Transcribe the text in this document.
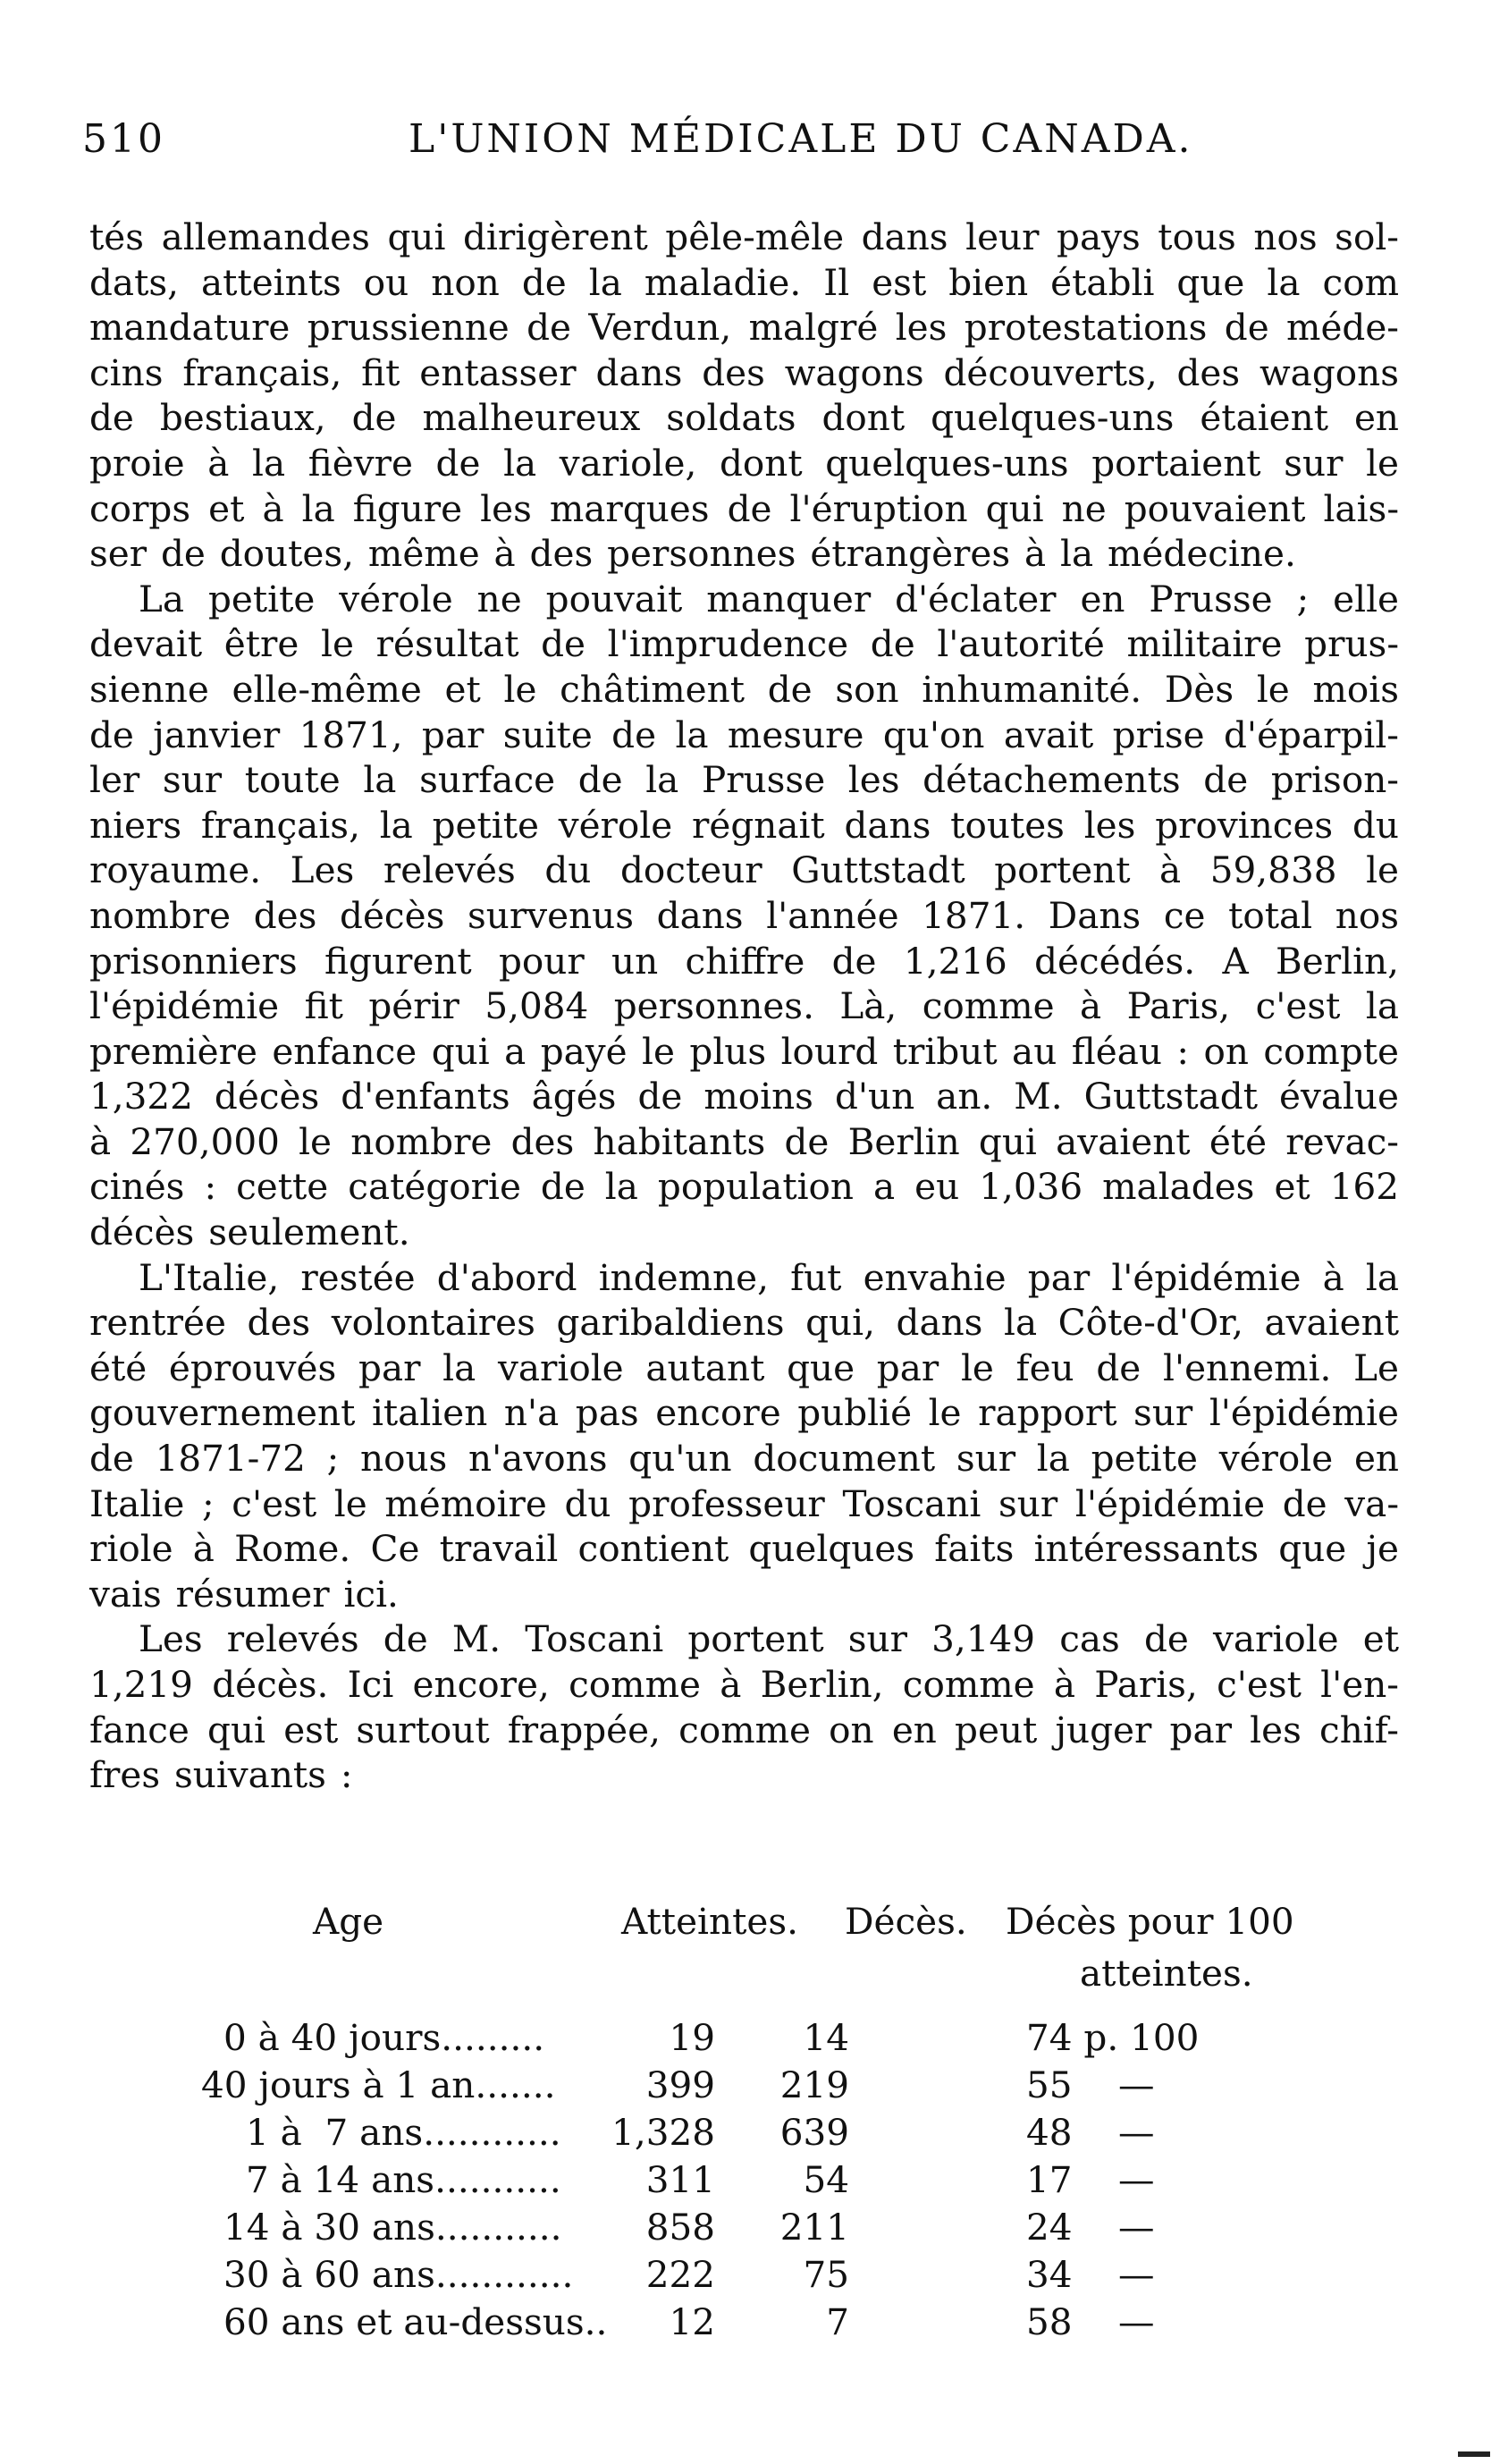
510	L'UNION MÉDICALE DU CANADA.
tés allemandes qui dirigèrent pêle-mêle dans leur pays tous nos sol-
dats, atteints ou non de la maladie. Il est bien établi que la com
mandature prussienne de Verdun, malgré les protestations de méde-
cins français, fit entasser dans des wagons découverts, des wagons
de bestiaux, de malheureux soldats dont quelques-uns étaient en
proie à la fièvre de la variole, dont quelques-uns portaient sur le
corps et à la figure les marques de l'éruption qui ne pouvaient lais-
ser de doutes, même à des personnes étrangères à la médecine.
La petite vérole ne pouvait manquer d'éclater en Prusse ; elle
devait être le résultat de l'imprudence de l'autorité militaire prus-
sienne elle-même et le châtiment de son inhumanité. Dès le mois
de janvier 1871, par suite de la mesure qu'on avait prise d'éparpil-
ler sur toute la surface de la Prusse les détachements de prison-
niers français, la petite vérole régnait dans toutes les provinces du
royaume. Les relevés du docteur Guttstadt portent à 59,838 le
nombre des décès survenus dans l'année 1871. Dans ce total nos
prisonniers figurent pour un chiffre de 1,216 décédés. A Berlin,
l'épidémie fit périr 5,084 personnes. Là, comme à Paris, c'est la
première enfance qui a payé le plus lourd tribut au fléau : on compte
1,322 décès d'enfants âgés de moins d'un an. M. Guttstadt évalue
à 270,000 le nombre des habitants de Berlin qui avaient été revac-
cinés : cette catégorie de la population a eu 1,036 malades et 162
décès seulement.
L'Italie, restée d'abord indemne, fut envahie par l'épidémie à la
rentrée des volontaires garibaldiens qui, dans la Côte-d'Or, avaient
été éprouvés par la variole autant que par le feu de l'ennemi. Le
gouvernement italien n'a pas encore publié le rapport sur l'épidémie
de 1871-72 ; nous n'avons qu'un document sur la petite vérole en
Italie ; c'est le mémoire du professeur Toscani sur l'épidémie de va-
riole à Rome. Ce travail contient quelques faits intéressants que je
vais résumer ici.
Les relevés de M. Toscani portent sur 3,149 cas de variole et
1,219 décès. Ici encore, comme à Berlin, comme à Paris, c'est l'en-
fance qui est surtout frappée, comme on en peut juger par les chif-
fres suivants :
Age	Atteintes. Décès. Décès pour 100
atteintes.
0 à 40 jours.........	19 14	74 p. 100
40 jours à 1 an....... 399 219	55    —
1 à  7 ans............ 1,328 639	48    —
7 à 14 ans........... 311 54	17    —
14 à 30 ans........... 858 211	24    —
30 à 60 ans............ 222 75	34    —
60 ans et au-dessus.. 12	7	58    —
